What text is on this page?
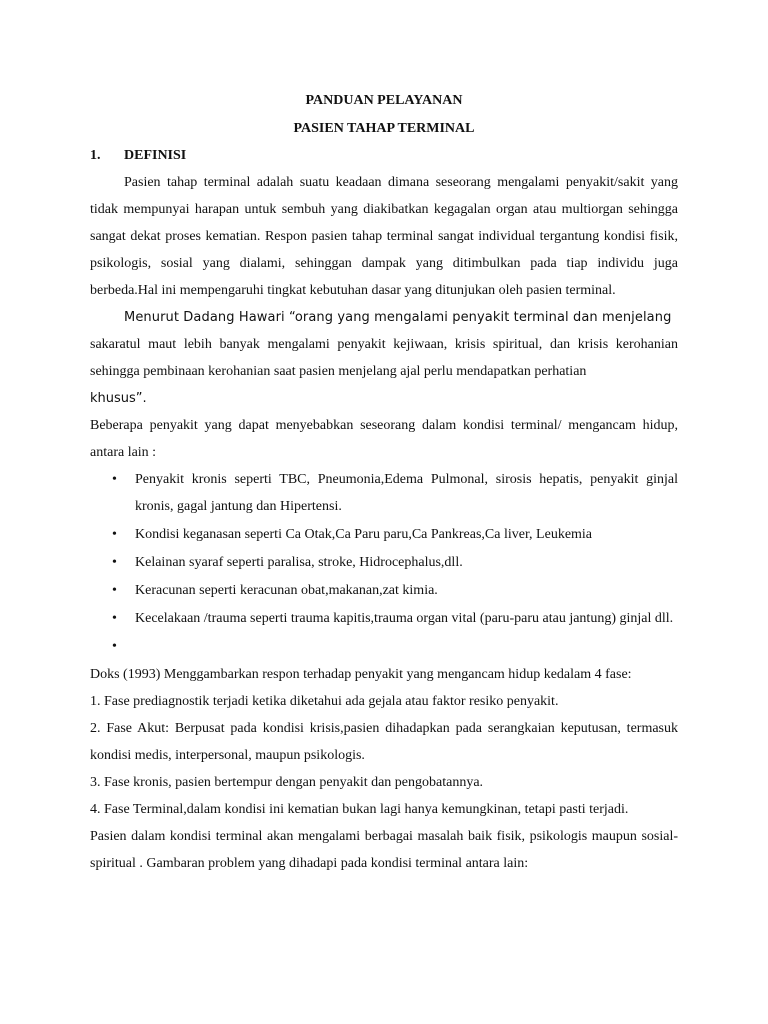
PANDUAN PELAYANAN

PASIEN TAHAP TERMINAL

1.	DEFINISI

Pasien tahap terminal adalah suatu keadaan dimana seseorang mengalami penyakit/sakit yang tidak mempunyai harapan untuk sembuh yang diakibatkan kegagalan organ atau multiorgan sehingga sangat dekat proses kematian. Respon pasien tahap terminal sangat individual tergantung kondisi fisik, psikologis, sosial yang dialami, sehinggan dampak yang ditimbulkan pada tiap individu juga berbeda.Hal ini mempengaruhi tingkat kebutuhan dasar yang ditunjukan oleh pasien terminal.

Menurut Dadang Hawari “orang yang mengalami penyakit terminal dan menjelang

sakaratul maut lebih banyak mengalami penyakit kejiwaan, krisis spiritual, dan krisis kerohanian sehingga pembinaan kerohanian saat pasien menjelang ajal perlu mendapatkan perhatian

khusus”.

Beberapa penyakit yang dapat menyebabkan seseorang dalam kondisi terminal/ mengancam hidup, antara lain :

• Penyakit kronis seperti TBC, Pneumonia,Edema Pulmonal, sirosis hepatis, penyakit ginjal kronis, gagal jantung dan Hipertensi.
• Kondisi keganasan seperti Ca Otak,Ca Paru paru,Ca Pankreas,Ca liver, Leukemia
• Kelainan syaraf seperti paralisa, stroke, Hidrocephalus,dll.
• Keracunan seperti keracunan obat,makanan,zat kimia.
• Kecelakaan /trauma seperti trauma kapitis,trauma organ vital (paru-paru atau jantung) ginjal dll.
•

Doks (1993) Menggambarkan respon terhadap penyakit yang mengancam hidup kedalam 4 fase:

1. Fase prediagnostik terjadi ketika diketahui ada gejala atau faktor resiko penyakit.

2. Fase Akut: Berpusat pada kondisi krisis,pasien dihadapkan pada serangkaian keputusan, termasuk kondisi medis, interpersonal, maupun psikologis.

3. Fase kronis, pasien bertempur dengan penyakit dan pengobatannya.

4. Fase Terminal,dalam kondisi ini kematian bukan lagi hanya kemungkinan, tetapi pasti terjadi.

Pasien dalam kondisi terminal akan mengalami berbagai masalah baik fisik, psikologis maupun sosial-spiritual . Gambaran problem yang dihadapi pada kondisi terminal antara lain:
